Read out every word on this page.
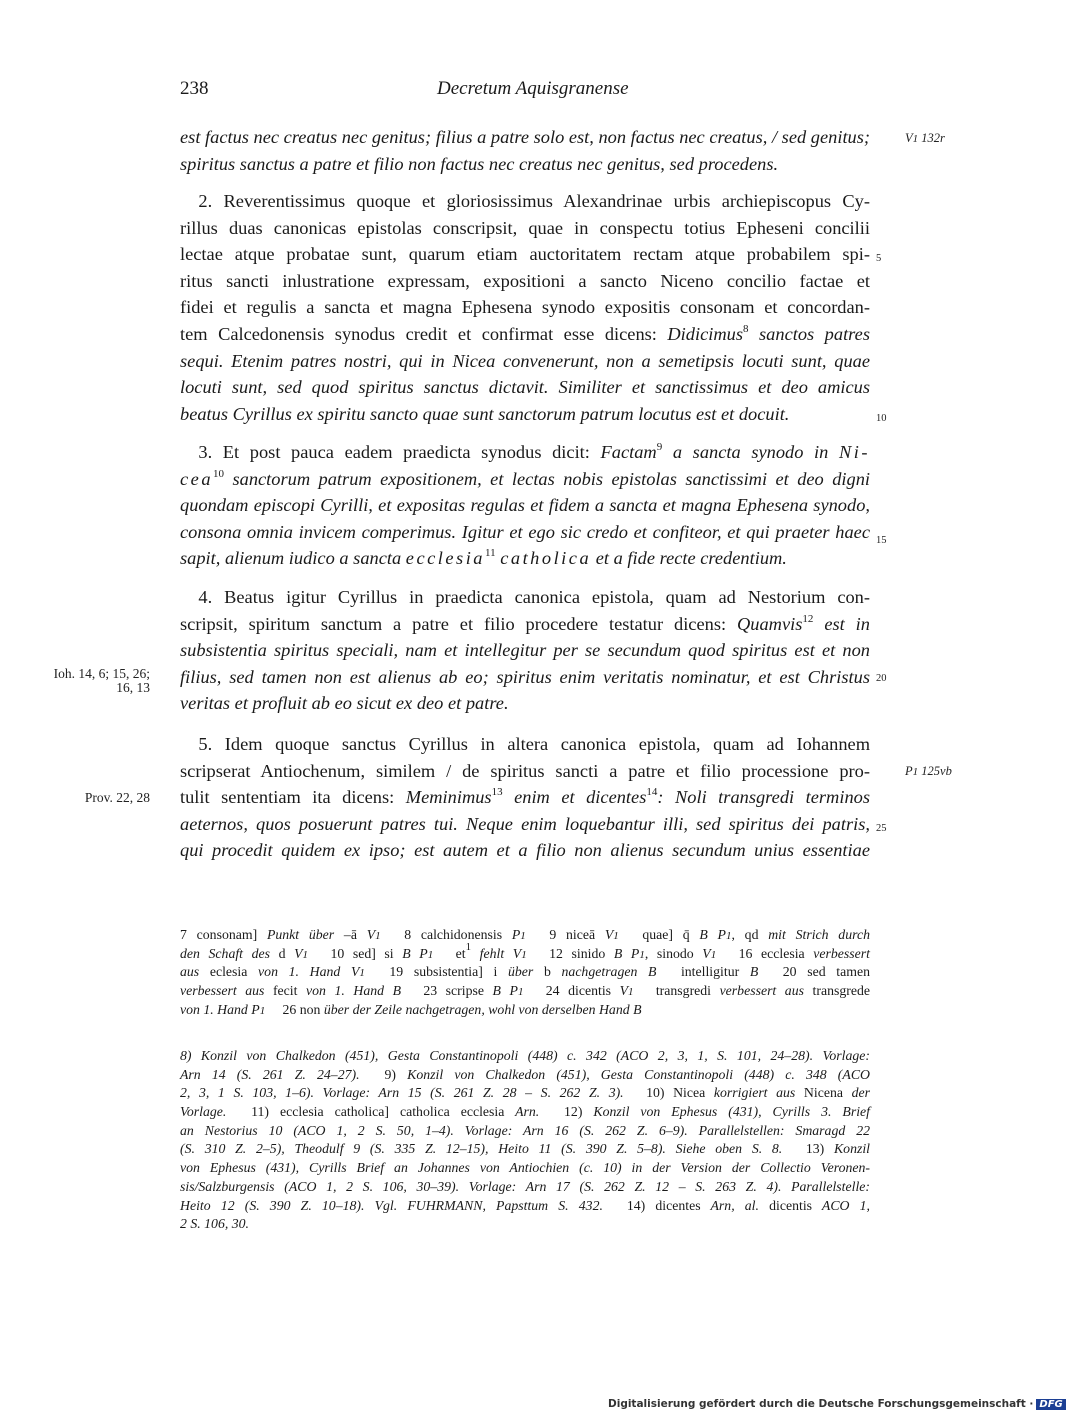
238	Decretum Aquisgranense
V1 132r
P1 125vb
Ioh. 14, 6; 15, 26;
16, 13
Prov. 22, 28
5
10
15
20
25
est factus nec creatus nec genitus; filius a patre solo est, non factus nec creatus, / sed genitus;
spiritus sanctus a patre et filio non factus nec creatus nec genitus, sed procedens.
 2. Reverentissimus quoque et gloriosissimus Alexandrinae urbis archiepiscopus Cy-
rillus duas canonicas epistolas conscripsit, quae in conspectu totius Epheseni concilii
lectae atque probatae sunt, quarum etiam auctoritatem rectam atque probabilem spi-
ritus sancti inlustratione expressam, expositioni a sancto Niceno concilio factae et
fidei et regulis a sancta et magna Ephesena synodo expositis consonam et concordan-
tem Calcedonensis synodus credit et confirmat esse dicens: Didicimus$^8$ sanctos patres
sequi. Etenim patres nostri, qui in Nicea convenerunt, non a semetipsis locuti sunt, quae
locuti sunt, sed quod spiritus sanctus dictavit. Similiter et sanctissimus et deo amicus
beatus Cyrillus ex spiritu sancto quae sunt sanctorum patrum locutus est et docuit.
 3. Et post pauca eadem praedicta synodus dicit: Factam$^9$ a sancta synodo in Ni-
cea$^{10}$ sanctorum patrum expositionem, et lectas nobis epistolas sanctissimi et deo digni
quondam episcopi Cyrilli, et expositas regulas et fidem a sancta et magna Ephesena synodo,
consona omnia invicem comperimus. Igitur et ego sic credo et confiteor, et qui praeter haec
sapit, alienum iudico a sancta ecclesia$^{11}$ catholica et a fide recte credentium.
 4. Beatus igitur Cyrillus in praedicta canonica epistola, quam ad Nestorium con-
scripsit, spiritum sanctum a patre et filio procedere testatur dicens: Quamvis$^{12}$ est in
subsistentia spiritus speciali, nam et intellegitur per se secundum quod spiritus est et non
filius, sed tamen non est alienus ab eo; spiritus enim veritatis nominatur, et est Christus
veritas et profluit ab eo sicut ex deo et patre.
 5. Idem quoque sanctus Cyrillus in altera canonica epistola, quam ad Iohannem
scripserat Antiochenum, similem / de spiritus sancti a patre et filio processione pro-
tulit sententiam ita dicens: Meminimus$^{13}$ enim et dicentes$^{14}$: Noli transgredi terminos
aeternos, quos posuerunt patres tui. Neque enim loquebantur illi, sed spiritus dei patris,
qui procedit quidem ex ipso; est autem et a filio non alienus secundum unius essentiae
7 consonam] Punkt über –ā V1  8 calchidonensis P1  9 niceā V1  quae] q̄ B P1, qd mit Strich durch
den Schaft des d V1  10 sed] si B P1  $et^1$ fehlt V1  12 sinido B P1, sinodo V1  16 ecclesia verbessert
aus eclesia von 1. Hand V1  19 subsistentia] i über b nachgetragen B  intelligitur B  20 sed tamen
verbessert aus fecit von 1. Hand B  23 scripse B P1  24 dicentis V1  transgredi verbessert aus transgrede
von 1. Hand P1  26 non über der Zeile nachgetragen, wohl von derselben Hand B
8) Konzil von Chalkedon (451), Gesta Constantinopoli (448) c. 342 (ACO 2, 3, 1, S. 101, 24–28). Vorlage:
Arn 14 (S. 261 Z. 24–27).  9) Konzil von Chalkedon (451), Gesta Constantinopoli (448) c. 348 (ACO
2, 3, 1 S. 103, 1–6). Vorlage: Arn 15 (S. 261 Z. 28 – S. 262 Z. 3).  10) Nicea korrigiert aus Nicena der
Vorlage.  11) ecclesia catholica] catholica ecclesia Arn.  12) Konzil von Ephesus (431), Cyrills 3. Brief
an Nestorius 10 (ACO 1, 2 S. 50, 1–4). Vorlage: Arn 16 (S. 262 Z. 6–9). Parallelstellen: Smaragd 22
(S. 310 Z. 2–5), Theodulf 9 (S. 335 Z. 12–15), Heito 11 (S. 390 Z. 5–8). Siehe oben S. 8.  13) Konzil
von Ephesus (431), Cyrills Brief an Johannes von Antiochien (c. 10) in der Version der Collectio Veronen-
sis/Salzburgensis (ACO 1, 2 S. 106, 30–39). Vorlage: Arn 17 (S. 262 Z. 12 – S. 263 Z. 4). Parallelstelle:
Heito 12 (S. 390 Z. 10–18). Vgl. FUHRMANN, Papsttum S. 432.  14) dicentes Arn, al. dicentis ACO 1,
2 S. 106, 30.
Digitalisierung gefördert durch die Deutsche Forschungsgemeinschaft · DFG
